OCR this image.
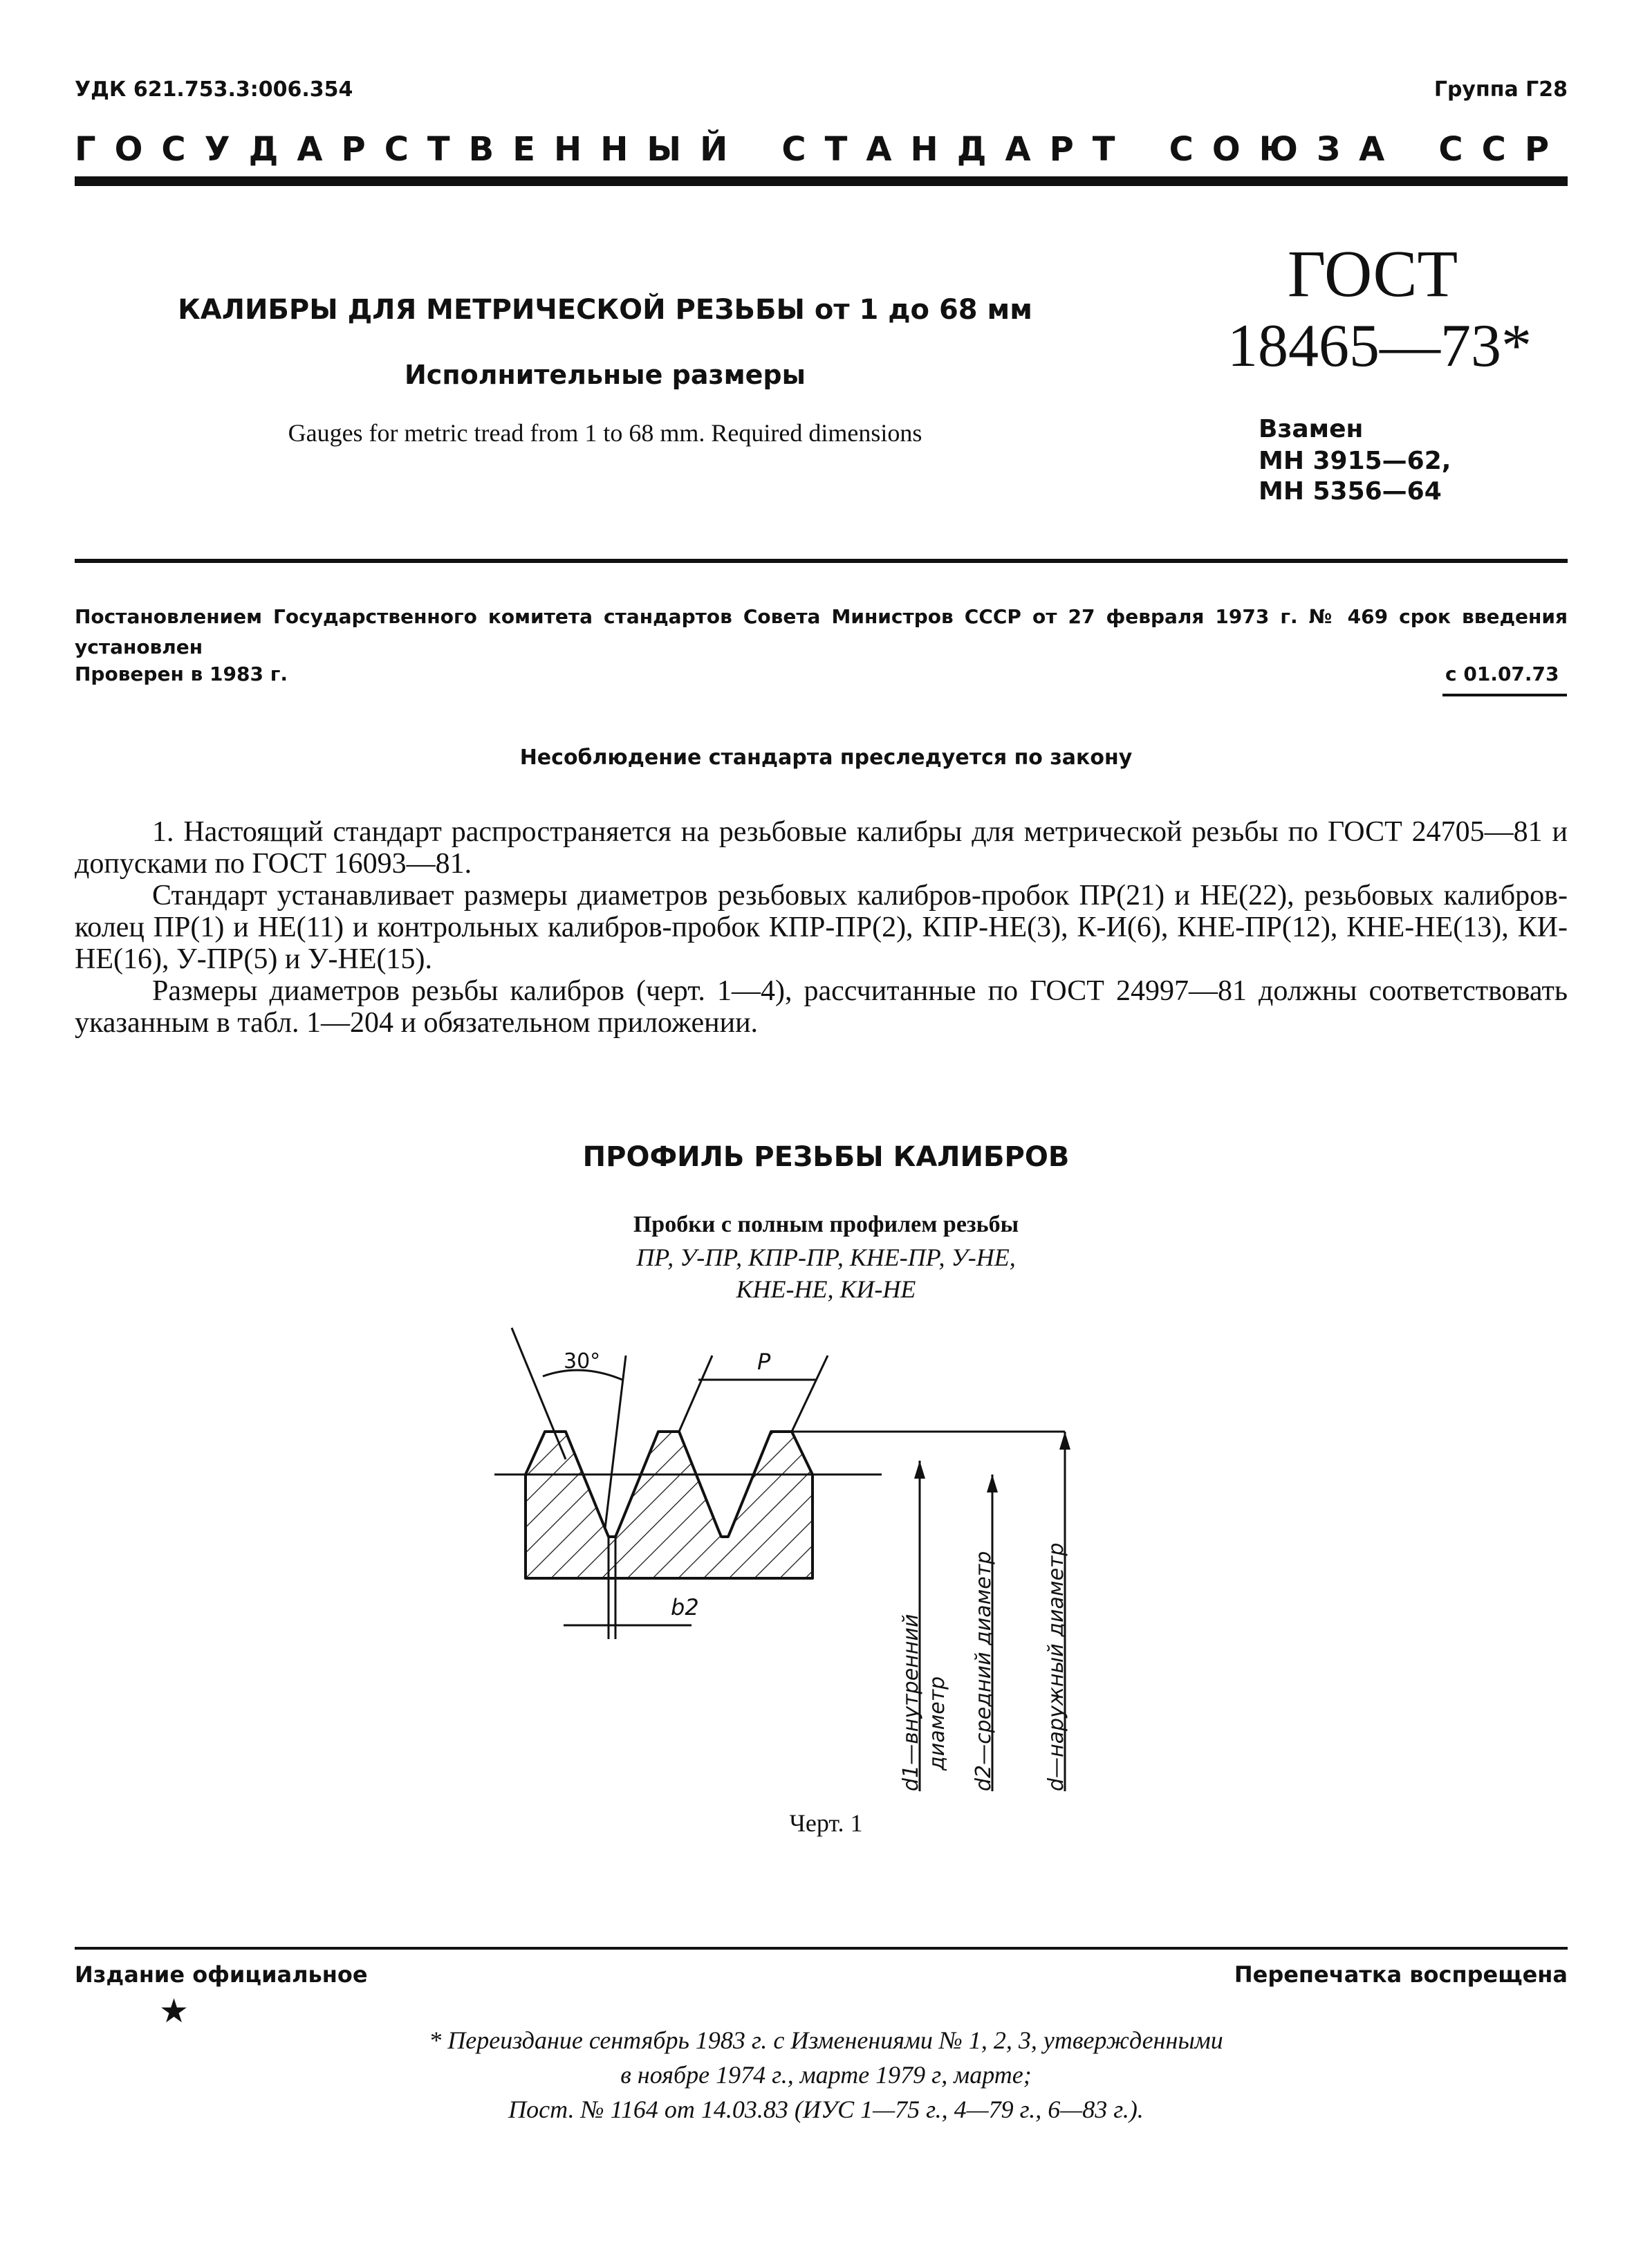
УДК 621.753.3:006.354	Группа Г28
ГОСУДАРСТВЕННЫЙ СТАНДАРТ СОЮЗА ССР
КАЛИБРЫ ДЛЯ МЕТРИЧЕСКОЙ РЕЗЬБЫ от 1 до 68 мм
Исполнительные размеры
Gauges for metric tread from 1 to 68 mm. Required dimensions
ГОСТ
18465—73*
Взамен
МН 3915—62,
МН 5356—64
Постановлением Государственного комитета стандартов Совета Министров СССР от 27 февраля 1973 г. № 469 срок введения установлен
Проверен в 1983 г.	с 01.07.73
Несоблюдение стандарта преследуется по закону

1. Настоящий стандарт распространяется на резьбовые калибры для метрической резьбы по ГОСТ 24705—81 и допусками по ГОСТ 16093—81.

Стандарт устанавливает размеры диаметров резьбовых калибров-пробок ПР(21) и НЕ(22), резьбовых калибров-колец ПР(1) и НЕ(11) и контрольных калибров-пробок КПР-ПР(2), КПР-НЕ(3), К-И(6), КНЕ-ПР(12), КНЕ-НЕ(13), КИ-НЕ(16), У-ПР(5) и У-НЕ(15).

Размеры диаметров резьбы калибров (черт. 1—4), рассчитанные по ГОСТ 24997—81 должны соответствовать указанным в табл. 1—204 и обязательном приложении.

ПРОФИЛЬ РЕЗЬБЫ КАЛИБРОВ
Пробки с полным профилем резьбы
ПР, У-ПР, КПР-ПР, КНЕ-ПР, У-НЕ,
КНЕ-НЕ, КИ-НЕ
30°	P
b2
d1—внутренний диаметр d2—средний диаметр d—наружный диаметр
Черт. 1
Издание официальное	Перепечатка воспрещена
★
* Переиздание сентябрь 1983 г. с Изменениями № 1, 2, 3, утвержденными
в ноябре 1974 г., марте 1979 г, марте;
Пост. № 1164 от 14.03.83 (ИУС 1—75 г., 4—79 г., 6—83 г.).
